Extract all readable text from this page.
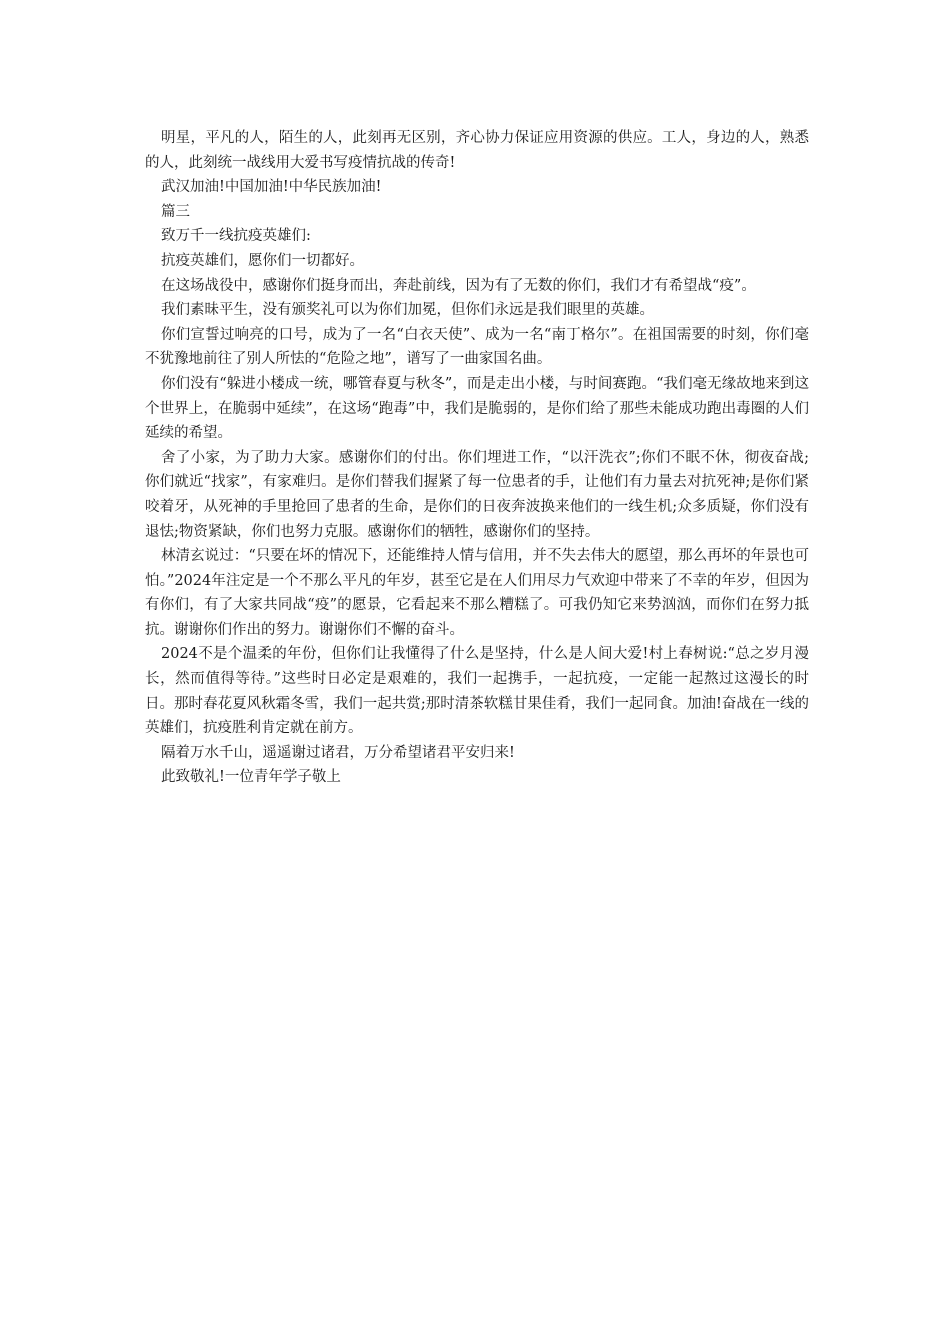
明星，平凡的人，陌生的人，此刻再无区别，齐心协力保证应用资源的供应。工人，身边的人，熟悉的人，此刻统一战线用大爱书写疫情抗战的传奇!

武汉加油!中国加油!中华民族加油!

篇三

致万千一线抗疫英雄们:

抗疫英雄们，愿你们一切都好。

在这场战役中，感谢你们挺身而出，奔赴前线，因为有了无数的你们，我们才有希望战“疫”。

我们素昧平生，没有颁奖礼可以为你们加冕，但你们永远是我们眼里的英雄。

你们宣誓过响亮的口号，成为了一名“白衣天使”、成为一名“南丁格尔”。在祖国需要的时刻，你们毫不犹豫地前往了别人所怯的“危险之地”，谱写了一曲家国名曲。

你们没有“躲进小楼成一统，哪管春夏与秋冬”，而是走出小楼，与时间赛跑。“我们毫无缘故地来到这个世界上，在脆弱中延续”，在这场“跑毒”中，我们是脆弱的，是你们给了那些未能成功跑出毒圈的人们延续的希望。

舍了小家，为了助力大家。感谢你们的付出。你们埋进工作，“以汗洗衣”;你们不眠不休，彻夜奋战;你们就近“找家”，有家难归。是你们替我们握紧了每一位患者的手，让他们有力量去对抗死神;是你们紧咬着牙，从死神的手里抢回了患者的生命，是你们的日夜奔波换来他们的一线生机;众多质疑，你们没有退怯;物资紧缺，你们也努力克服。感谢你们的牺牲，感谢你们的坚持。

林清玄说过：“只要在坏的情况下，还能维持人情与信用，并不失去伟大的愿望，那么再坏的年景也可怕。”2024年注定是一个不那么平凡的年岁，甚至它是在人们用尽力气欢迎中带来了不幸的年岁，但因为有你们，有了大家共同战“疫”的愿景，它看起来不那么糟糕了。可我仍知它来势汹汹，而你们在努力抵抗。谢谢你们作出的努力。谢谢你们不懈的奋斗。

2024不是个温柔的年份，但你们让我懂得了什么是坚持，什么是人间大爱!村上春树说:“总之岁月漫长，然而值得等待。”这些时日必定是艰难的，我们一起携手，一起抗疫，一定能一起熬过这漫长的时日。那时春花夏风秋霜冬雪，我们一起共赏;那时清茶软糕甘果佳肴，我们一起同食。加油!奋战在一线的英雄们，抗疫胜利肯定就在前方。

隔着万水千山，遥遥谢过诸君，万分希望诸君平安归来!

此致敬礼!一位青年学子敬上
